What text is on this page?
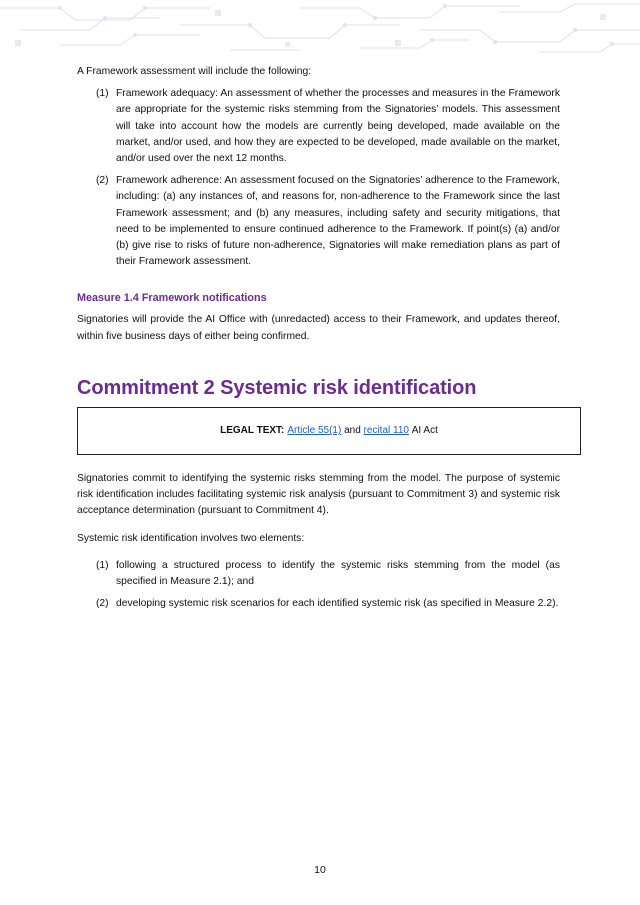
A Framework assessment will include the following:

(1) Framework adequacy: An assessment of whether the processes and measures in the Framework are appropriate for the systemic risks stemming from the Signatories’ models. This assessment will take into account how the models are currently being developed, made available on the market, and/or used, and how they are expected to be developed, made available on the market, and/or used over the next 12 months.
(2) Framework adherence: An assessment focused on the Signatories’ adherence to the Framework, including: (a) any instances of, and reasons for, non-adherence to the Framework since the last Framework assessment; and (b) any measures, including safety and security mitigations, that need to be implemented to ensure continued adherence to the Framework. If point(s) (a) and/or (b) give rise to risks of future non-adherence, Signatories will make remediation plans as part of their Framework assessment.
Measure 1.4 Framework notifications

Signatories will provide the AI Office with (unredacted) access to their Framework, and updates thereof, within five business days of either being confirmed.

Commitment 2 Systemic risk identification
LEGAL TEXT: Article 55(1)
and
recital 110
AI Act

Signatories commit to identifying the systemic risks stemming from the model. The purpose of systemic risk identification includes facilitating systemic risk analysis (pursuant to Commitment 3) and systemic risk acceptance determination (pursuant to Commitment 4).

Systemic risk identification involves two elements:

(1) following a structured process to identify the systemic risks stemming from the model (as specified in Measure 2.1); and
(2) developing systemic risk scenarios for each identified systemic risk (as specified in Measure 2.2).
10
